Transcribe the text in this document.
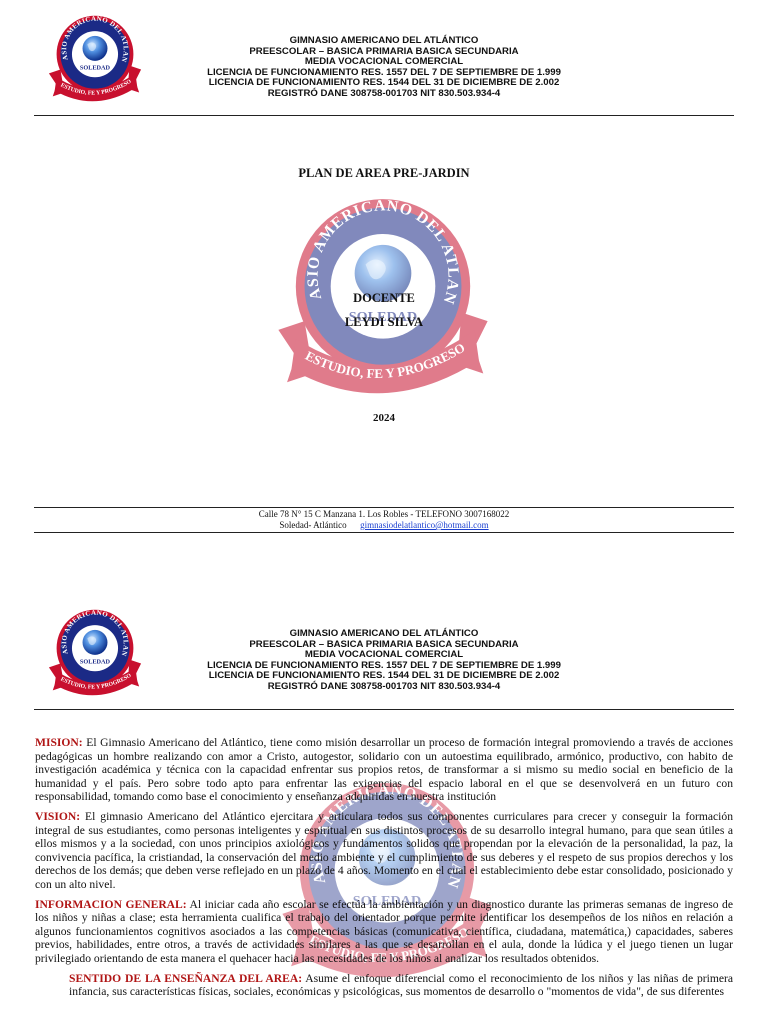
GIMNASIO AMERICANO DEL ATLÁNTICO
PREESCOLAR – BASICA PRIMARIA BASICA SECUNDARIA
MEDIA VOCACIONAL COMERCIAL
LICENCIA DE FUNCIONAMIENTO RES. 1557 DEL 7 DE SEPTIEMBRE DE 1.999
LICENCIA DE FUNCIONAMIENTO RES. 1544 DEL 31 DE DICIEMBRE DE 2.002
REGISTRÓ DANE 308758-001703 NIT 830.503.934-4
PLAN DE AREA PRE-JARDIN
DOCENTE
LEYDI SILVA
2024
Calle 78 N° 15 C Manzana 1. Los Robles - TELEFONO 3007168022
Soledad- Atlántico gimnasiodelatlantico@hotmail.com
GIMNASIO AMERICANO DEL ATLÁNTICO
PREESCOLAR – BASICA PRIMARIA BASICA SECUNDARIA
MEDIA VOCACIONAL COMERCIAL
LICENCIA DE FUNCIONAMIENTO RES. 1557 DEL 7 DE SEPTIEMBRE DE 1.999
LICENCIA DE FUNCIONAMIENTO RES. 1544 DEL 31 DE DICIEMBRE DE 2.002
REGISTRÓ DANE 308758-001703 NIT 830.503.934-4

MISION: El Gimnasio Americano del Atlántico, tiene como misión desarrollar un proceso de formación integral promoviendo a través de acciones pedagógicas un hombre realizando con amor a Cristo, autogestor, solidario con un autoestima equilibrado, armónico, productivo, con habito de investigación académica y técnica con la capacidad enfrentar sus propios retos, de transformar a si mismo su medio social en beneficio de la humanidad y el país. Pero sobre todo apto para enfrentar las exigencias del espacio laboral en el que se desenvolverá en un futuro con responsabilidad, tomando como base el conocimiento y enseñanza adquiridas en nuestra institución

VISION: El gimnasio Americano del Atlántico ejercitara y articulara todos sus componentes curriculares para crecer y conseguir la formación integral de sus estudiantes, como personas inteligentes y espiritual en sus distintos procesos de su desarrollo integral humano, para que sean útiles a ellos mismos y a la sociedad, con unos principios axiológicos y fundamentos solidos que propendan por la elevación de la personalidad, la paz, la convivencia pacífica, la cristiandad, la conservación del medio ambiente y el cumplimiento de sus deberes y el respeto de sus propios derechos y los derechos de los demás; que deben verse reflejado en un plazo de 4 años. Momento en el cual el establecimiento debe estar consolidado, posicionado y con un alto nivel.

INFORMACION GENERAL: Al iniciar cada año escolar se efectúa la ambientación y un diagnostico durante las primeras semanas de ingreso de los niños y niñas a clase; esta herramienta cualifica el trabajo del orientador porque permite identificar los desempeños de los niños en relación a algunos funcionamientos cognitivos asociados a las competencias básicas (comunicativa, científica, ciudadana, matemática,) capacidades, saberes previos, habilidades, entre otros, a través de actividades similares a las que se desarrollan en el aula, donde la lúdica y el juego tienen un lugar privilegiado orientando de esta manera el quehacer hacia las necesidades de los niños al analizar los resultados obtenidos.

SENTIDO DE LA ENSEÑANZA DEL AREA: Asume el enfoque diferencial como el reconocimiento de los niños y las niñas de primera infancia, sus características físicas, sociales, económicas y psicológicas, sus momentos de desarrollo o "momentos de vida", de sus diferentes
